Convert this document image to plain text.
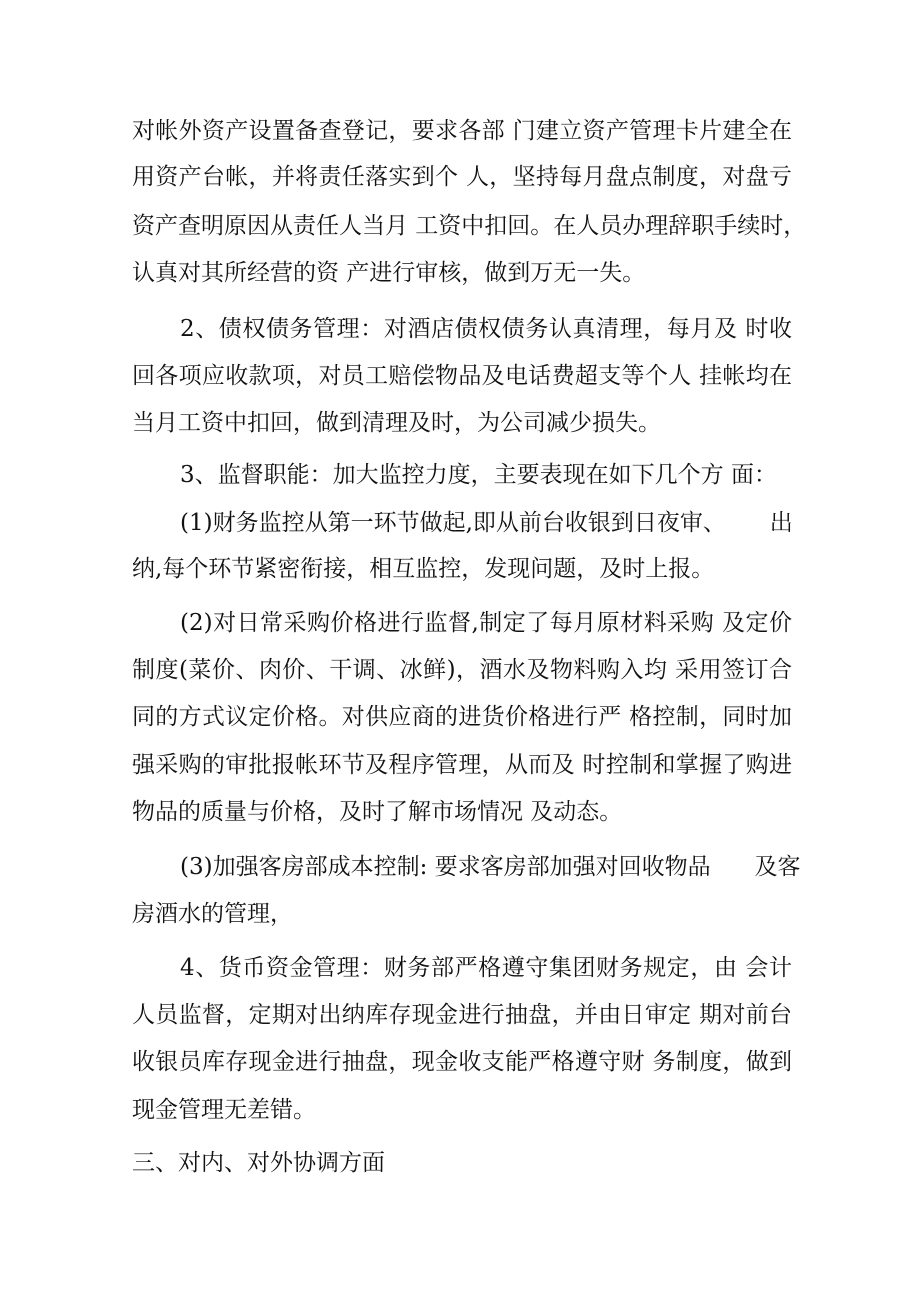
对帐外资产设置备查登记，要求各部 门建立资产管理卡片建全在

用资产台帐，并将责任落实到个 人，坚持每月盘点制度，对盘亏

资产查明原因从责任人当月 工资中扣回。在人员办理辞职手续时，

认真对其所经营的资 产进行审核，做到万无一失。

2、债权债务管理：对酒店债权债务认真清理，每月及 时收

回各项应收款项，对员工赔偿物品及电话费超支等个人 挂帐均在

当月工资中扣回，做到清理及时，为公司减少损失。

3、监督职能：加大监控力度，主要表现在如下几个方 面：

(1)财务监控从第一环节做起,即从前台收银到日夜审、      出

纳,每个环节紧密衔接，相互监控，发现问题，及时上报。

(2)对日常采购价格进行监督,制定了每月原材料采购 及定价

制度(菜价、肉价、干调、冰鲜)，酒水及物料购入均 采用签订合

同的方式议定价格。对供应商的进货价格进行严 格控制，同时加

强采购的审批报帐环节及程序管理，从而及 时控制和掌握了购进

物品的质量与价格，及时了解市场情况 及动态。

(3)加强客房部成本控制: 要求客房部加强对回收物品      及客

房酒水的管理，

4、货币资金管理：财务部严格遵守集团财务规定，由 会计

人员监督，定期对出纳库存现金进行抽盘，并由日审定 期对前台

收银员库存现金进行抽盘，现金收支能严格遵守财 务制度，做到

现金管理无差错。

三、对内、对外协调方面
